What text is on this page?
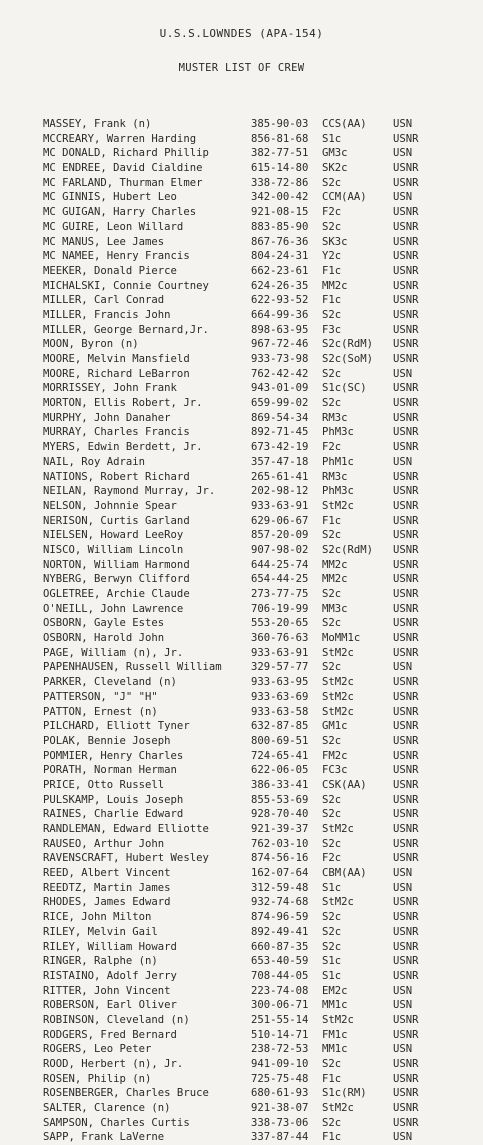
U.S.S.LOWNDES (APA-154)
MUSTER LIST OF CREW
MASSEY, Frank (n)	385-90-03	CCS(AA)	USN
MCCREARY, Warren Harding	856-81-68	S1c	USNR
MC DONALD, Richard Phillip	382-77-51	GM3c	USN
MC ENDREE, David Cialdine	615-14-80	SK2c	USNR
MC FARLAND, Thurman Elmer	338-72-86	S2c	USNR
MC GINNIS, Hubert Leo	342-00-42	CCM(AA)	USN
MC GUIGAN, Harry Charles	921-08-15	F2c	USNR
MC GUIRE, Leon Willard	883-85-90	S2c	USNR
MC MANUS, Lee James	867-76-36	SK3c	USNR
MC NAMEE, Henry Francis	804-24-31	Y2c	USNR
MEEKER, Donald Pierce	662-23-61	F1c	USNR
MICHALSKI, Connie Courtney	624-26-35	MM2c	USNR
MILLER, Carl Conrad	622-93-52	F1c	USNR
MILLER, Francis John	664-99-36	S2c	USNR
MILLER, George Bernard,Jr.	898-63-95	F3c	USNR
MOON, Byron (n)	967-72-46	S2c(RdM)	USNR
MOORE, Melvin Mansfield	933-73-98	S2c(SoM)	USNR
MOORE, Richard LeBarron	762-42-42	S2c	USN
MORRISSEY, John Frank	943-01-09	S1c(SC)	USNR
MORTON, Ellis Robert, Jr.	659-99-02	S2c	USNR
MURPHY, John Danaher	869-54-34	RM3c	USNR
MURRAY, Charles Francis	892-71-45	PhM3c	USNR
MYERS, Edwin Berdett, Jr.	673-42-19	F2c	USNR
NAIL, Roy Adrain	357-47-18	PhM1c	USN
NATIONS, Robert Richard	265-61-41	RM3c	USNR
NEILAN, Raymond Murray, Jr.	202-98-12	PhM3c	USNR
NELSON, Johnnie Spear	933-63-91	StM2c	USNR
NERISON, Curtis Garland	629-06-67	F1c	USNR
NIELSEN, Howard LeeRoy	857-20-09	S2c	USNR
NISCO, William Lincoln	907-98-02	S2c(RdM)	USNR
NORTON, William Harmond	644-25-74	MM2c	USNR
NYBERG, Berwyn Clifford	654-44-25	MM2c	USNR
OGLETREE, Archie Claude	273-77-75	S2c	USNR
O'NEILL, John Lawrence	706-19-99	MM3c	USNR
OSBORN, Gayle Estes	553-20-65	S2c	USNR
OSBORN, Harold John	360-76-63	MoMM1c	USNR
PAGE, William (n), Jr.	933-63-91	StM2c	USNR
PAPENHAUSEN, Russell William	329-57-77	S2c	USN
PARKER, Cleveland (n)	933-63-95	StM2c	USNR
PATTERSON, "J" "H"	933-63-69	StM2c	USNR
PATTON, Ernest (n)	933-63-58	StM2c	USNR
PILCHARD, Elliott Tyner	632-87-85	GM1c	USNR
POLAK, Bennie Joseph	800-69-51	S2c	USNR
POMMIER, Henry Charles	724-65-41	FM2c	USNR
PORATH, Norman Herman	622-06-05	FC3c	USNR
PRICE, Otto Russell	386-33-41	CSK(AA)	USNR
PULSKAMP, Louis Joseph	855-53-69	S2c	USNR
RAINES, Charlie Edward	928-70-40	S2c	USNR
RANDLEMAN, Edward Elliotte	921-39-37	StM2c	USNR
RAUSEO, Arthur John	762-03-10	S2c	USNR
RAVENSCRAFT, Hubert Wesley	874-56-16	F2c	USNR
REED, Albert Vincent	162-07-64	CBM(AA)	USN
REEDTZ, Martin James	312-59-48	S1c	USN
RHODES, James Edward	932-74-68	StM2c	USNR
RICE, John Milton	874-96-59	S2c	USNR
RILEY, Melvin Gail	892-49-41	S2c	USNR
RILEY, William Howard	660-87-35	S2c	USNR
RINGER, Ralphe (n)	653-40-59	S1c	USNR
RISTAINO, Adolf Jerry	708-44-05	S1c	USNR
RITTER, John Vincent	223-74-08	EM2c	USN
ROBERSON, Earl Oliver	300-06-71	MM1c	USN
ROBINSON, Cleveland (n)	251-55-14	StM2c	USNR
RODGERS, Fred Bernard	510-14-71	FM1c	USNR
ROGERS, Leo Peter	238-72-53	MM1c	USN
ROOD, Herbert (n), Jr.	941-09-10	S2c	USNR
ROSEN, Philip (n)	725-75-48	F1c	USNR
ROSENBERGER, Charles Bruce	680-61-93	S1c(RM)	USNR
SALTER, Clarence (n)	921-38-07	StM2c	USNR
SAMPSON, Charles Curtis	338-73-06	S2c	USNR
SAPP, Frank LaVerne	337-87-44	F1c	USN
